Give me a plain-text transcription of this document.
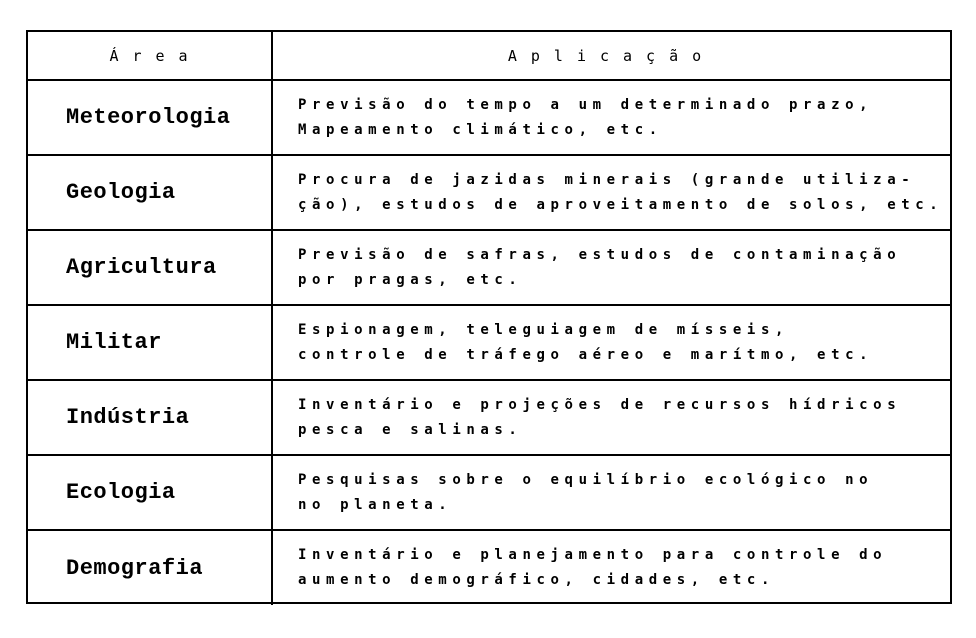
Área	Aplicação
Meteorologia	Previsão do tempo a um determinado prazo,
Mapeamento climático, etc.

Geologia	Procura de jazidas minerais (grande utiliza-
ção), estudos de aproveitamento de solos, etc.

Agricultura	Previsão de safras, estudos de contaminação
por pragas, etc.

Militar	Espionagem, teleguiagem de mísseis,
controle de tráfego aéreo e marítmo, etc.

Indústria	Inventário e projeções de recursos hídricos
pesca e salinas.

Ecologia	Pesquisas sobre o equilíbrio ecológico no
no planeta.

Demografia	Inventário e planejamento para controle do
aumento demográfico, cidades, etc.
